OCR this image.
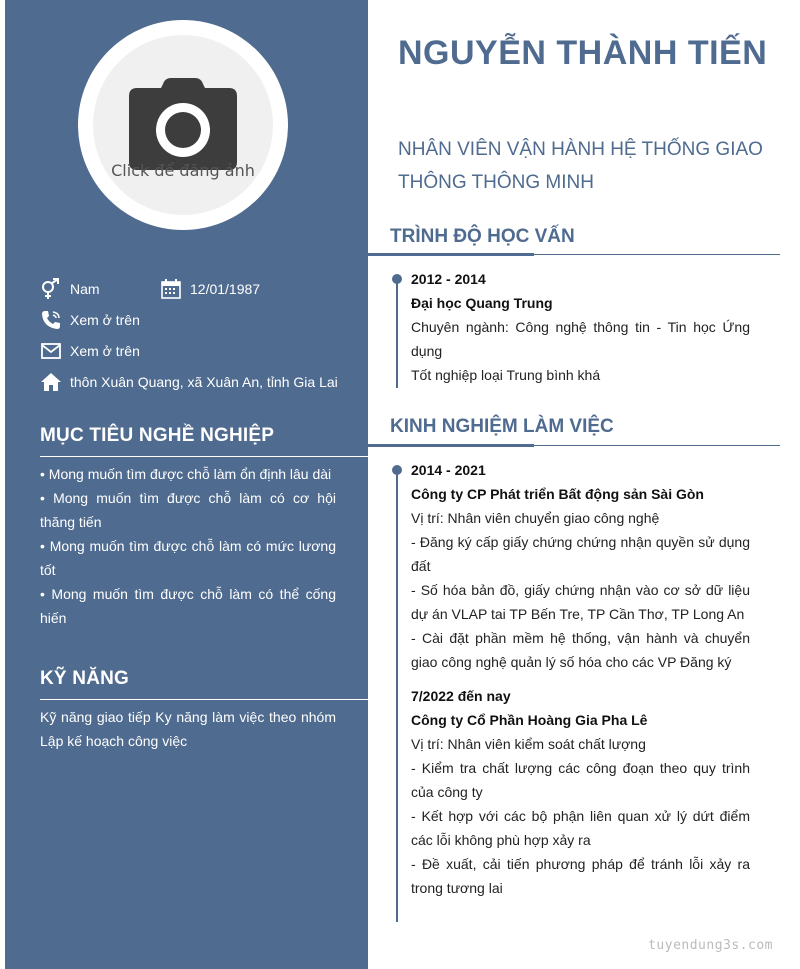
Click để đăng ảnh
Nam	12/01/1987
Xem ở trên
Xem ở trên
thôn Xuân Quang, xã Xuân An, tỉnh Gia Lai
MỤC TIÊU NGHỀ NGHIỆP
• Mong muốn tìm được chỗ làm ổn định lâu dài
• Mong muốn tìm được chỗ làm có cơ hội thăng tiến
• Mong muốn tìm được chỗ làm có mức lương tốt
• Mong muốn tìm được chỗ làm có thể cống hiến
KỸ NĂNG
Kỹ năng giao tiếp Ky năng làm việc theo nhóm Lập kế hoạch công việc
NGUYỄN THÀNH TIẾN
NHÂN VIÊN VẬN HÀNH HỆ THỐNG GIAO THÔNG THÔNG MINH
TRÌNH ĐỘ HỌC VẤN
2012 - 2014
Đại học Quang Trung
Chuyên ngành: Công nghệ thông tin - Tin học Ứng dụng
Tốt nghiệp loại Trung bình khá
KINH NGHIỆM LÀM VIỆC
2014 - 2021
Công ty CP Phát triển Bất động sản Sài Gòn
Vị trí: Nhân viên chuyển giao công nghệ
- Đăng ký cấp giấy chứng chứng nhận quyền sử dụng đất
- Số hóa bản đồ, giấy chứng nhận vào cơ sở dữ liệu dự án VLAP tai TP Bến Tre, TP Cần Thơ, TP Long An
- Cài đặt phần mềm hệ thống, vận hành và chuyển giao công nghệ quản lý số hóa cho các VP Đăng ký
7/2022 đến nay
Công ty Cổ Phần Hoàng Gia Pha Lê
Vị trí: Nhân viên kiểm soát chất lượng
- Kiểm tra chất lượng các công đoạn theo quy trình của công ty
- Kết hợp với các bộ phận liên quan xử lý dứt điểm các lỗi không phù hợp xảy ra
- Đề xuất, cải tiến phương pháp để tránh lỗi xảy ra trong tương lai
tuyendung3s.com
